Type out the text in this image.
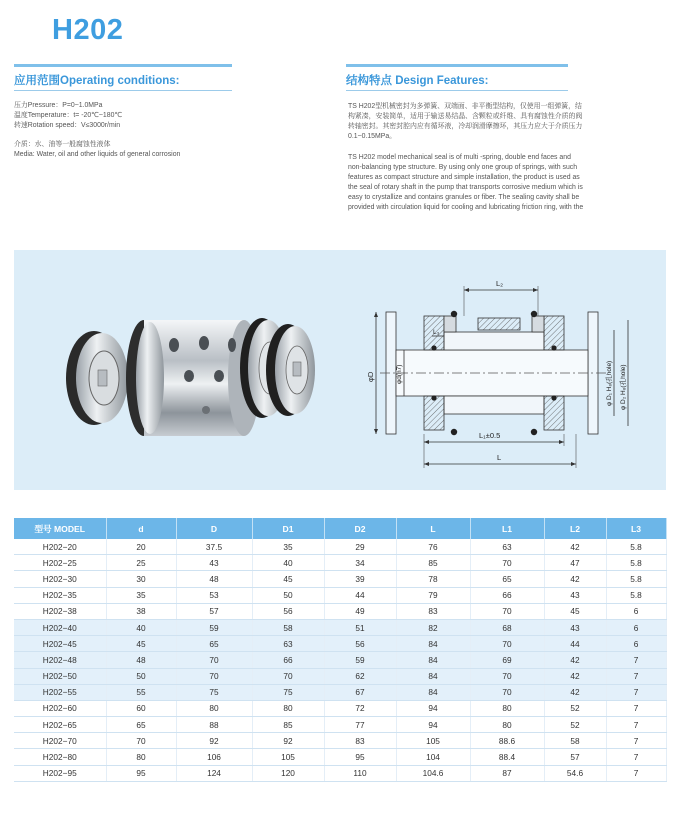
H202
应用范围Operating conditions:	结构特点 Design Features:
压力Pressure：P=0~1.0MPa
温度Temperature：t= -20℃~180℃
转速Rotation speed：V≤3000r/min
介质：水、油等一般腐蚀性液体
Media: Water, oil and other liquids of general corrosion
TS H202型机械密封为多弹簧、双端面、非平衡型结构，仅使用一组弹簧，结
构紧凑，安装简单，适用于输送易结晶、含颗粒或纤维、具有腐蚀性介质的阀
转轴密封。其密封腔内应有循环液，冷却润滑摩擦环，其压力应大于介质压力
0.1~0.15MPa。
TS H202 model mechanical seal is of multi -spring, double end faces and
non-balancing type structure. By using only one group of springs, with such
features as compact structure and simple installation, the product is used as
the seal of rotary shaft in the pump that transports corrosive medium which is
easy to crystallize and contains granules or fiber. The sealing cavity shall be
provided with circulation liquid for cooling and lubricating friction ring, with the
L₂
L₃
L₁±0.5
L
φD	φd(h7)	φ D₁ H₈(孔hole)	φ D₂ H₈(孔hole)
型号 MODEL	d	D	D1	D2	L	L1	L2	L3
H202−20	20	37.5	35	29	76	63	42	5.8
H202−25	25	43	40	34	85	70	47	5.8
H202−30	30	48	45	39	78	65	42	5.8
H202−35	35	53	50	44	79	66	43	5.8
H202−38	38	57	56	49	83	70	45	6
H202−40	40	59	58	51	82	68	43	6
H202−45	45	65	63	56	84	70	44	6
H202−48	48	70	66	59	84	69	42	7
H202−50	50	70	70	62	84	70	42	7
H202−55	55	75	75	67	84	70	42	7
H202−60	60	80	80	72	94	80	52	7
H202−65	65	88	85	77	94	80	52	7
H202−70	70	92	92	83	105	88.6	58	7
H202−80	80	106	105	95	104	88.4	57	7
H202−95	95	124	120	110	104.6	87	54.6	7
